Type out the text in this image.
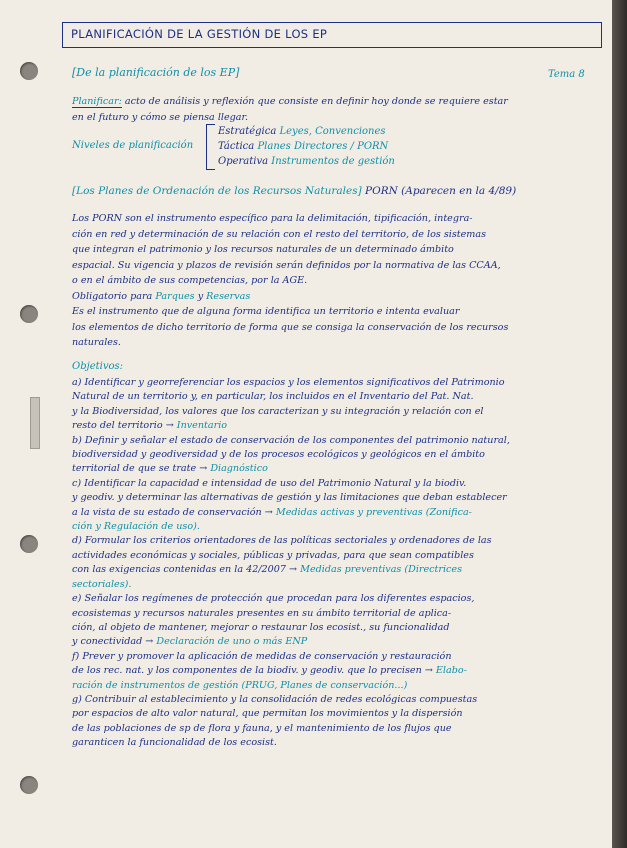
PLANIFICACIÓN DE LA GESTIÓN DE LOS EP
[De la planificación de los EP]	Tema 8
Planificar: acto de análisis y reflexión que consiste en definir hoy donde se requiere estar
en el futuro y cómo se piensa llegar.
Niveles de planificación
Estratégica Leyes, Convenciones
Táctica Planes Directores / PORN
Operativa Instrumentos de gestión
[Los Planes de Ordenación de los Recursos Naturales] PORN (Aparecen en la 4/89)
Los PORN son el instrumento específico para la delimitación, tipificación, integra-
ción en red y determinación de su relación con el resto del territorio, de los sistemas
que integran el patrimonio y los recursos naturales de un determinado ámbito
espacial. Su vigencia y plazos de revisión serán definidos por la normativa de las CCAA,
o en el ámbito de sus competencias, por la AGE.
Obligatorio para Parques y Reservas
Es el instrumento que de alguna forma identifica un territorio e intenta evaluar
los elementos de dicho territorio de forma que se consiga la conservación de los recursos
naturales.
Objetivos:
a) Identificar y georreferenciar los espacios y los elementos significativos del Patrimonio
Natural de un territorio y, en particular, los incluidos en el Inventario del Pat. Nat.
y la Biodiversidad, los valores que los caracterizan y su integración y relación con el
resto del territorio → Inventario
b) Definir y señalar el estado de conservación de los componentes del patrimonio natural,
biodiversidad y geodiversidad y de los procesos ecológicos y geológicos en el ámbito
territorial de que se trate → Diagnóstico
c) Identificar la capacidad e intensidad de uso del Patrimonio Natural y la biodiv.
y geodiv. y determinar las alternativas de gestión y las limitaciones que deban establecer
a la vista de su estado de conservación → Medidas activas y preventivas (Zonifica-
ción y Regulación de uso).
d) Formular los criterios orientadores de las políticas sectoriales y ordenadores de las
actividades económicas y sociales, públicas y privadas, para que sean compatibles
con las exigencias contenidas en la 42/2007 → Medidas preventivas (Directrices
sectoriales).
e) Señalar los regímenes de protección que procedan para los diferentes espacios,
ecosistemas y recursos naturales presentes en su ámbito territorial de aplica-
ción, al objeto de mantener, mejorar o restaurar los ecosist., su funcionalidad
y conectividad → Declaración de uno o más ENP
f) Prever y promover la aplicación de medidas de conservación y restauración
de los rec. nat. y los componentes de la biodiv. y geodiv. que lo precisen → Elabo-
ración de instrumentos de gestión (PRUG, Planes de conservación...)
g) Contribuir al establecimiento y la consolidación de redes ecológicas compuestas
por espacios de alto valor natural, que permitan los movimientos y la dispersión
de las poblaciones de sp de flora y fauna, y el mantenimiento de los flujos que
garanticen la funcionalidad de los ecosist.
